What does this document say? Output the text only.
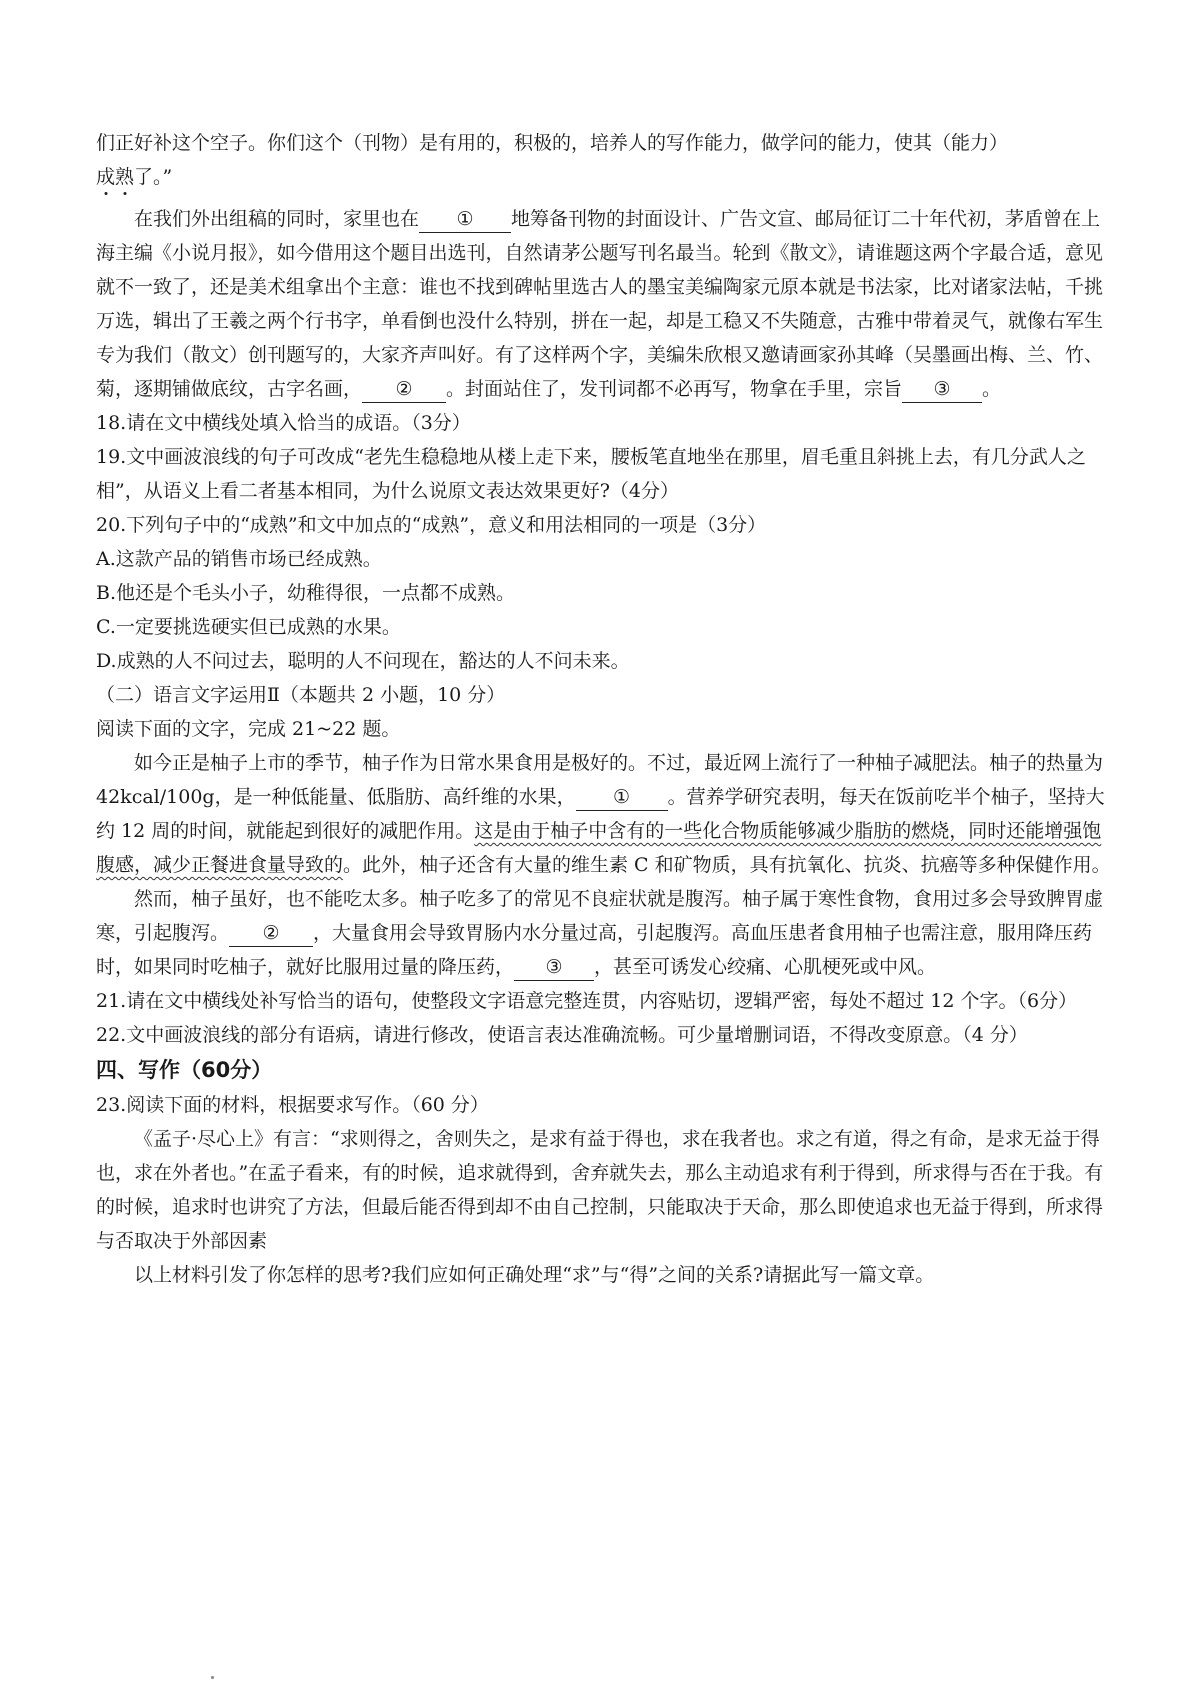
们正好补这个空子。你们这个（刊物）是有用的，积极的，培养人的写作能力，做学问的能力，使其（能力）
成熟了。”

在我们外出组稿的同时，家里也在 ① 地筹备刊物的封面设计、广告文宣、邮局征订二十年代初，茅盾曾在上海主编《小说月报》，如今借用这个题目出选刊，自然请茅公题写刊名最当。轮到《散文》，请谁题这两个字最合适，意见就不一致了，还是美术组拿出个主意：谁也不找到碑帖里选古人的墨宝美编陶家元原本就是书法家，比对诸家法帖，千挑万选，辑出了王羲之两个行书字，单看倒也没什么特别，拼在一起，却是工稳又不失随意，古雅中带着灵气，就像右军生专为我们（散文）创刊题写的，大家齐声叫好。有了这样两个字，美编朱欣根又邀请画家孙其峰（吴墨画出梅、兰、竹、菊，逐期铺做底纹，古字名画， ② 。封面站住了，发刊词都不必再写，物拿在手里，宗旨 ③ 。

18.请在文中横线处填入恰当的成语。（3分）

19.文中画波浪线的句子可改成“老先生稳稳地从楼上走下来，腰板笔直地坐在那里，眉毛重且斜挑上去，有几分武人之相”，从语义上看二者基本相同，为什么说原文表达效果更好?（4分）

20.下列句子中的“成熟”和文中加点的“成熟”，意义和用法相同的一项是（3分）

A.这款产品的销售市场已经成熟。

B.他还是个毛头小子，幼稚得很，一点都不成熟。

C.一定要挑选硬实但已成熟的水果。

D.成熟的人不问过去，聪明的人不问现在，豁达的人不问未来。

（二）语言文字运用Ⅱ（本题共 2 小题，10 分）

阅读下面的文字，完成 21~22 题。

如今正是柚子上市的季节，柚子作为日常水果食用是极好的。不过，最近网上流行了一种柚子减肥法。柚子的热量为 42kcal/100g，是一种低能量、低脂肪、高纤维的水果， ① 。营养学研究表明，每天在饭前吃半个柚子，坚持大约 12 周的时间，就能起到很好的减肥作用。这是由于柚子中含有的一些化合物质能够减少脂肪的燃烧，同时还能增强饱腹感，减少正餐进食量导致的。此外，柚子还含有大量的维生素 C 和矿物质，具有抗氧化、抗炎、抗癌等多种保健作用。

然而，柚子虽好，也不能吃太多。柚子吃多了的常见不良症状就是腹泻。柚子属于寒性食物，食用过多会导致脾胃虚寒，引起腹泻。 ② ，大量食用会导致胃肠内水分量过高，引起腹泻。高血压患者食用柚子也需注意，服用降压药时，如果同时吃柚子，就好比服用过量的降压药， ③ ，甚至可诱发心绞痛、心肌梗死或中风。

21.请在文中横线处补写恰当的语句，使整段文字语意完整连贯，内容贴切，逻辑严密，每处不超过 12 个字。（6分）

22.文中画波浪线的部分有语病，请进行修改，使语言表达准确流畅。可少量增删词语，不得改变原意。（4 分）

四、写作（60分）

23.阅读下面的材料，根据要求写作。（60 分）

《孟子·尽心上》有言：“求则得之，舍则失之，是求有益于得也，求在我者也。求之有道，得之有命，是求无益于得也，求在外者也。”在孟子看来，有的时候，追求就得到，舍弃就失去，那么主动追求有利于得到，所求得与否在于我。有的时候，追求时也讲究了方法，但最后能否得到却不由自己控制，只能取决于天命，那么即使追求也无益于得到，所求得与否取决于外部因素

以上材料引发了你怎样的思考?我们应如何正确处理“求”与“得”之间的关系?请据此写一篇文章。
